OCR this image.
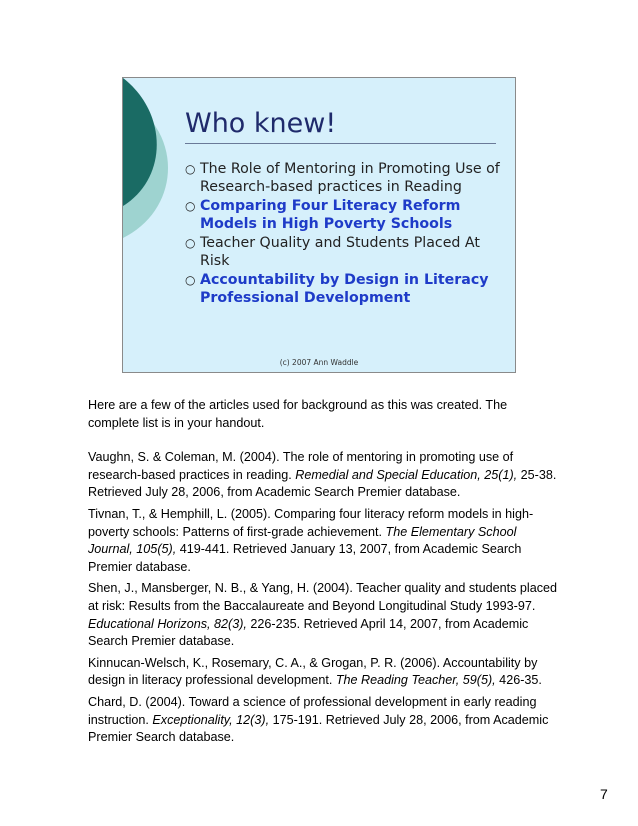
Who knew!
○ The Role of Mentoring in Promoting Use of Research-based practices in Reading
○ Comparing Four Literacy Reform Models in High Poverty Schools
○ Teacher Quality and Students Placed At Risk
○ Accountability by Design in Literacy Professional Development
(c) 2007 Ann Waddle

Here are a few of the articles used for background as this was created. The complete list is in your handout.

Vaughn, S. & Coleman, M. (2004). The role of mentoring in promoting use of research-based practices in reading. Remedial and Special Education, 25(1), 25-38. Retrieved July 28, 2006, from Academic Search Premier database.

Tivnan, T., & Hemphill, L. (2005). Comparing four literacy reform models in high-poverty schools: Patterns of first-grade achievement. The Elementary School Journal, 105(5), 419-441. Retrieved January 13, 2007, from Academic Search Premier database.

Shen, J., Mansberger, N. B., & Yang, H. (2004). Teacher quality and students placed at risk: Results from the Baccalaureate and Beyond Longitudinal Study 1993-97. Educational Horizons, 82(3), 226-235. Retrieved April 14, 2007, from Academic Search Premier database.

Kinnucan-Welsch, K., Rosemary, C. A., & Grogan, P. R. (2006). Accountability by design in literacy professional development. The Reading Teacher, 59(5), 426-35.

Chard, D. (2004). Toward a science of professional development in early reading instruction. Exceptionality, 12(3), 175-191. Retrieved July 28, 2006, from Academic Premier Search database.

7
